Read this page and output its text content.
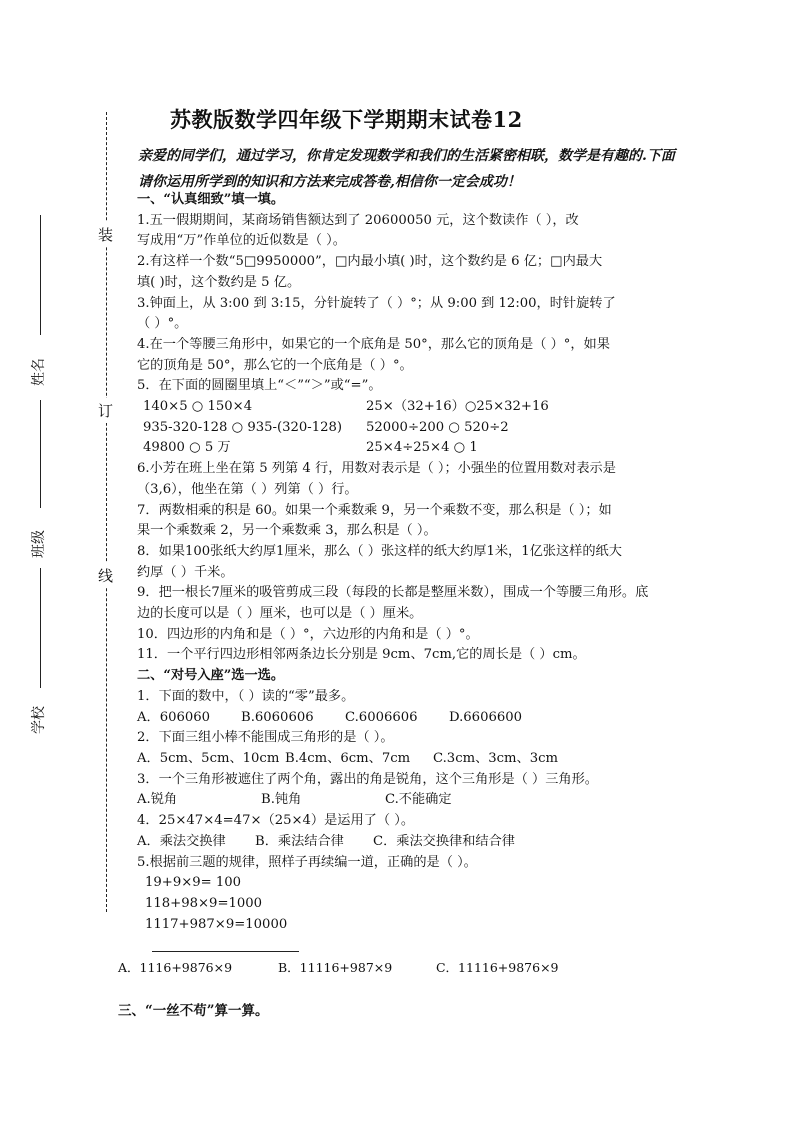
装
订
线
姓名
班级
学校
苏教版数学四年级下学期期末试卷12
亲爱的同学们，通过学习，你肯定发现数学和我们的生活紧密相联，数学是有趣的.下面请你运用所学到的知识和方法来完成答卷,相信你一定会成功！

一、“认真细致”填一填。

1.五一假期期间，某商场销售额达到了 20600050 元，这个数读作（ ），改

写成用“万”作单位的近似数是（ ）。

2.有这样一个数“5□9950000”，□内最小填( )时，这个数约是 6 亿；□内最大

填( )时，这个数约是 5 亿。

3.钟面上，从 3:00 到 3:15，分针旋转了（ ）°；从 9:00 到 12:00，时针旋转了

（ ）°。

4.在一个等腰三角形中，如果它的一个底角是 50°，那么它的顶角是（ ）°，如果

它的顶角是 50°，那么它的一个底角是（ ）°。

5．在下面的圆圈里填上“＜”“＞”或“=”。

140×5 ○ 150×4	25×（32+16）○25×32+16
935-320-128 ○ 935-(320-128)	52000÷200 ○ 520÷2
49800 ○ 5 万	25×4÷25×4 ○ 1

6.小芳在班上坐在第 5 列第 4 行，用数对表示是（ ）；小强坐的位置用数对表示是

（3,6），他坐在第（ ）列第（ ）行。

7．两数相乘的积是 60。如果一个乘数乘 9，另一个乘数不变，那么积是（ ）；如

果一个乘数乘 2，另一个乘数乘 3，那么积是（ ）。

8．如果100张纸大约厚1厘米，那么（ ）张这样的纸大约厚1米，1亿张这样的纸大

约厚（ ）千米。

9．把一根长7厘米的吸管剪成三段（每段的长都是整厘米数），围成一个等腰三角形。底

边的长度可以是（ ）厘米，也可以是（ ）厘米。

10．四边形的内角和是（ ）°，六边形的内角和是（ ）°。

11．一个平行四边形相邻两条边长分别是 9cm、7cm,它的周长是（ ）cm。

二、“对号入座”选一选。

1．下面的数中，（ ）读的“零”最多。

A．606060	B.6060606	C.6006606	D.6606600

2．下面三组小棒不能围成三角形的是（ ）。

A．5cm、5cm、10cm B.4cm、6cm、7cm	C.3cm、3cm、3cm

3．一个三角形被遮住了两个角，露出的角是锐角，这个三角形是（ ）三角形。

A.锐角	B.钝角	C.不能确定

4．25×47×4=47×（25×4）是运用了（ ）。

A．乘法交换律	B．乘法结合律	C．乘法交换律和结合律

5.根据前三题的规律，照样子再续编一道，正确的是（ ）。

19+9×9= 100

118+98×9=1000

1117+987×9=10000

A．1116+9876×9	B．11116+987×9	C．11116+9876×9
三、“一丝不苟”算一算。
